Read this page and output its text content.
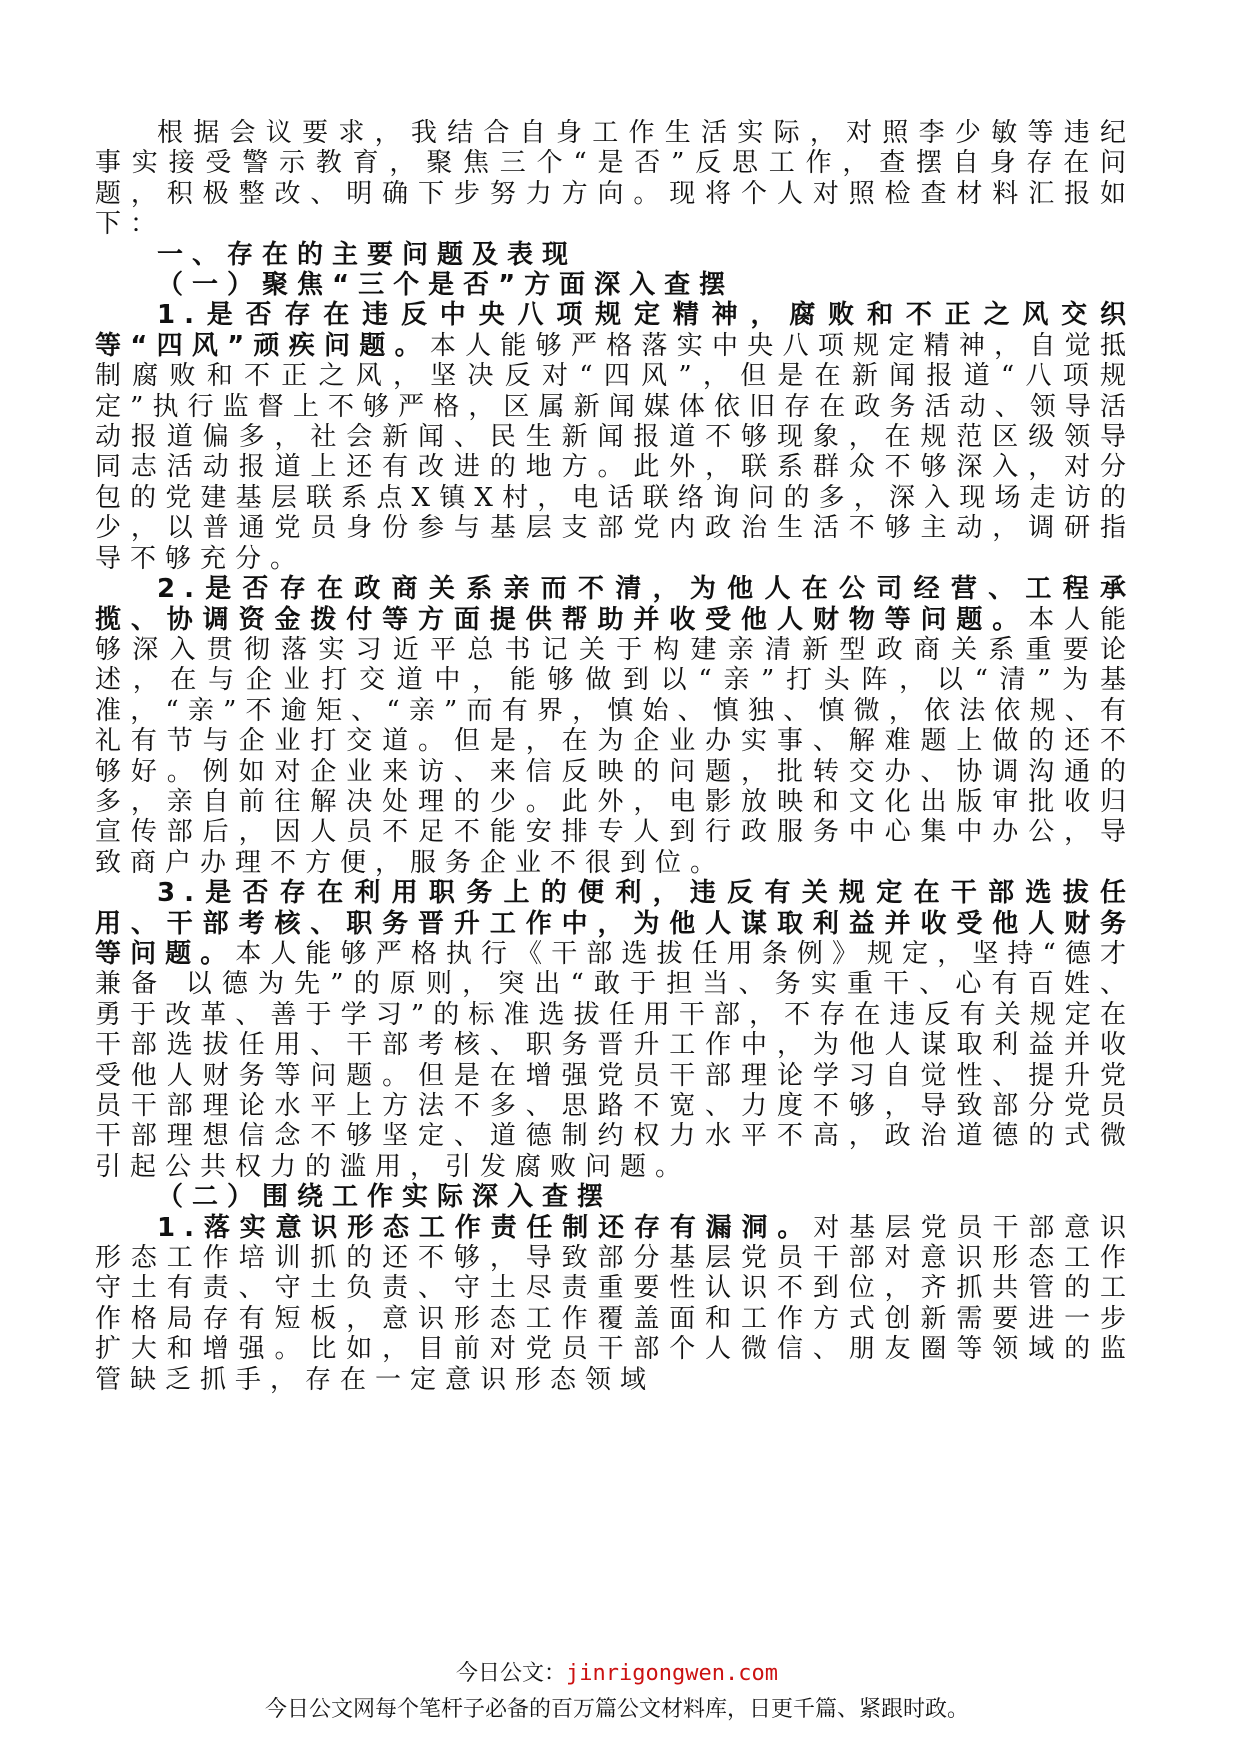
根据会议要求，我结合自身工作生活实际，对照李少敏等违纪事实接受警示教育，聚焦三个“是否”反思工作，查摆自身存在问题，积极整改、明确下步努力方向。现将个人对照检查材料汇报如下：

一、存在的主要问题及表现

（一）聚焦“三个是否”方面深入查摆

1.是否存在违反中央八项规定精神，腐败和不正之风交织等“四风”顽疾问题。本人能够严格落实中央八项规定精神，自觉抵制腐败和不正之风，坚决反对“四风”，但是在新闻报道“八项规定”执行监督上不够严格，区属新闻媒体依旧存在政务活动、领导活动报道偏多，社会新闻、民生新闻报道不够现象，在规范区级领导同志活动报道上还有改进的地方。此外，联系群众不够深入，对分包的党建基层联系点X镇X村，电话联络询问的多，深入现场走访的少，以普通党员身份参与基层支部党内政治生活不够主动，调研指导不够充分。

2.是否存在政商关系亲而不清，为他人在公司经营、工程承揽、协调资金拨付等方面提供帮助并收受他人财物等问题。本人能够深入贯彻落实习近平总书记关于构建亲清新型政商关系重要论述，在与企业打交道中，能够做到以“亲”打头阵，以“清”为基准，“亲”不逾矩、“亲”而有界，慎始、慎独、慎微，依法依规、有礼有节与企业打交道。但是，在为企业办实事、解难题上做的还不够好。例如对企业来访、来信反映的问题，批转交办、协调沟通的多，亲自前往解决处理的少。此外，电影放映和文化出版审批收归宣传部后，因人员不足不能安排专人到行政服务中心集中办公，导致商户办理不方便，服务企业不很到位。

3.是否存在利用职务上的便利，违反有关规定在干部选拔任用、干部考核、职务晋升工作中，为他人谋取利益并收受他人财务等问题。本人能够严格执行《干部选拔任用条例》规定，坚持“德才兼备 以德为先”的原则，突出“敢于担当、务实重干、心有百姓、勇于改革、善于学习”的标准选拔任用干部，不存在违反有关规定在干部选拔任用、干部考核、职务晋升工作中，为他人谋取利益并收受他人财务等问题。但是在增强党员干部理论学习自觉性、提升党员干部理论水平上方法不多、思路不宽、力度不够，导致部分党员干部理想信念不够坚定、道德制约权力水平不高，政治道德的式微引起公共权力的滥用，引发腐败问题。

（二）围绕工作实际深入查摆

1.落实意识形态工作责任制还存有漏洞。对基层党员干部意识形态工作培训抓的还不够，导致部分基层党员干部对意识形态工作守土有责、守土负责、守土尽责重要性认识不到位，齐抓共管的工作格局存有短板，意识形态工作覆盖面和工作方式创新需要进一步扩大和增强。比如，目前对党员干部个人微信、朋友圈等领域的监管缺乏抓手，存在一定意识形态领域

今日公文：jinrigongwen.com
今日公文网每个笔杆子必备的百万篇公文材料库，日更千篇、紧跟时政。
